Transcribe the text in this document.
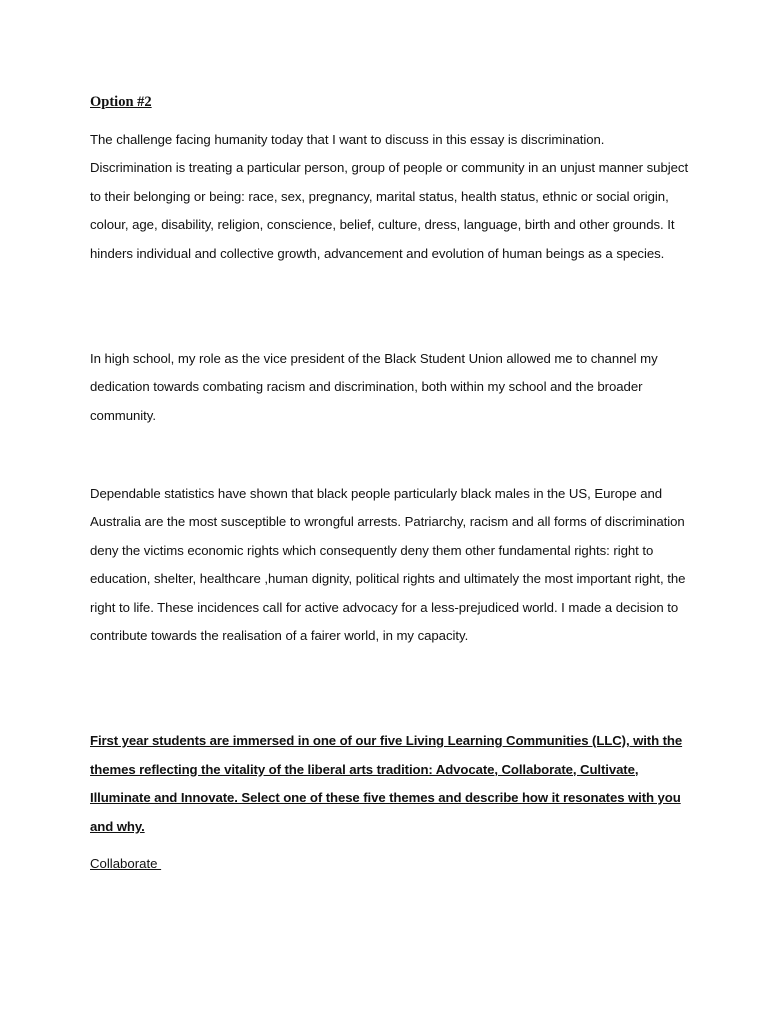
Option #2

The challenge facing humanity today that I want to discuss in this essay is discrimination. Discrimination is treating a particular person, group of people or community in an unjust manner subject to their belonging or being: race, sex, pregnancy, marital status, health status, ethnic or social origin, colour, age, disability, religion, conscience, belief, culture, dress, language, birth and other grounds. It hinders individual and collective growth, advancement and evolution of human beings as a species.

In high school, my role as the vice president of the Black Student Union allowed me to channel my dedication towards combating racism and discrimination, both within my school and the broader community.

Dependable statistics have shown that black people particularly black males in the US, Europe and Australia are the most susceptible to wrongful arrests. Patriarchy, racism and all forms of discrimination deny the victims economic rights which consequently deny them other fundamental rights: right to education, shelter, healthcare ,human dignity, political rights and ultimately the most important right, the right to life. These incidences call for active advocacy for a less-prejudiced world. I made a decision to contribute towards the realisation of a fairer world, in my capacity.

First year students are immersed in one of our five Living Learning Communities (LLC), with the themes reflecting the vitality of the liberal arts tradition: Advocate, Collaborate, Cultivate, Illuminate and Innovate. Select one of these five themes and describe how it resonates with you and why.

Collaborate
